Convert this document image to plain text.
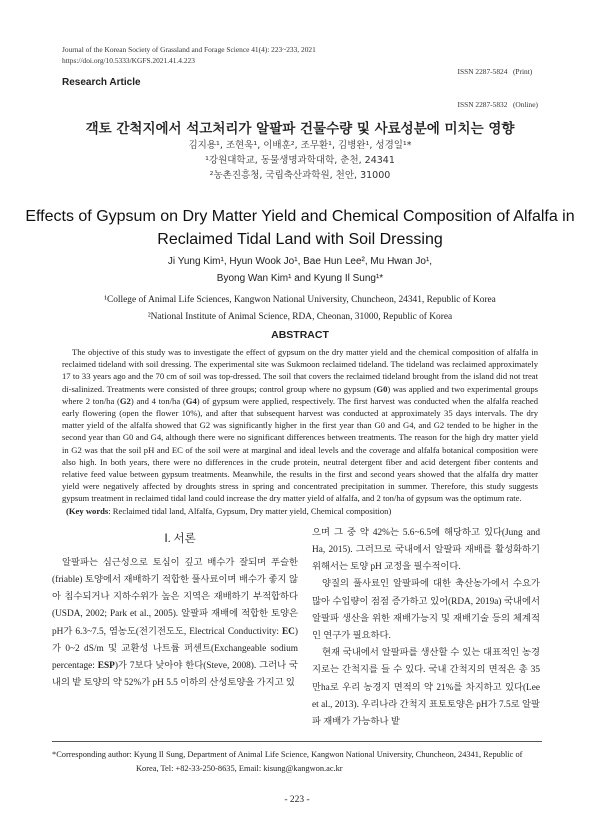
Journal of the Korean Society of Grassland and Forage Science 41(4): 223~233, 2021
https://doi.org/10.5333/KGFS.2021.41.4.223

ISSN 2287-5824   (Print)

ISSN 2287-5832   (Online)

Research Article
객토 간척지에서 석고처리가 알팔파 건물수량 및 사료성분에 미치는 영향
김지용¹, 조현욱¹, 이배훈², 조무환¹, 김병완¹, 성경일¹*
¹강원대학교, 동물생명과학대학, 춘천, 24341
²농촌진흥청, 국립축산과학원, 천안, 31000
Effects of Gypsum on Dry Matter Yield and Chemical Composition of Alfalfa in
Reclaimed Tidal Land with Soil Dressing
Ji Yung Kim¹, Hyun Wook Jo¹, Bae Hun Lee², Mu Hwan Jo¹,
Byong Wan Kim¹ and Kyung Il Sung¹*
¹College of Animal Life Sciences, Kangwon National University, Chuncheon, 24341, Republic of Korea
²National Institute of Animal Science, RDA, Cheonan, 31000, Republic of Korea
ABSTRACT
The objective of this study was to investigate the effect of gypsum on the dry matter yield and the chemical composition of alfalfa in reclaimed tideland with soil dressing. The experimental site was Sukmoon reclaimed tideland. The tideland was reclaimed approximately 17 to 33 years ago and the 70 cm of soil was top-dressed. The soil that covers the reclaimed tideland brought from the island did not treat di-salinized. Treatments were consisted of three groups; control group where no gypsum (G0) was applied and two experimental groups where 2 ton/ha (G2) and 4 ton/ha (G4) of gypsum were applied, respectively. The first harvest was conducted when the alfalfa reached early flowering (open the flower 10%), and after that subsequent harvest was conducted at approximately 35 days intervals. The dry matter yield of the alfalfa showed that G2 was significantly higher in the first year than G0 and G4, and G2 tended to be higher in the second year than G0 and G4, although there were no significant differences between treatments. The reason for the high dry matter yield in G2 was that the soil pH and EC of the soil were at marginal and ideal levels and the coverage and alfalfa botanical composition were also high. In both years, there were no differences in the crude protein, neutral detergent fiber and acid detergent fiber contents and relative feed value between gypsum treatments. Meanwhile, the results in the first and second years showed that the alfalfa dry matter yield were negatively affected by droughts stress in spring and concentrated precipitation in summer. Therefore, this study suggests gypsum treatment in reclaimed tidal land could increase the dry matter yield of alfalfa, and 2 ton/ha of gypsum was the optimum rate.
(Key words: Reclaimed tidal land, Alfalfa, Gypsum, Dry matter yield, Chemical composition)
Ⅰ. 서론
알팔파는 심근성으로 토심이 깊고 배수가 잘되며 푸슬한 (friable) 토양에서 재배하기 적합한 풀사료이며 배수가 좋지 않아 침수되거나 지하수위가 높은 지역은 재배하기 부적합하다 (USDA, 2002; Park et al., 2005). 알팔파 재배에 적합한 토양은 pH가 6.3~7.5, 염농도(전기전도도, Electrical Conductivity: EC) 가 0~2 dS/m 및 교환성 나트륨 퍼센트(Exchangeable sodium percentage: ESP)가 7보다 낮아야 한다(Steve, 2008). 그러나 국내의 밭 토양의 약 52%가 pH 5.5 이하의 산성토양을 가지고 있

으며 그 중 약 42%는 5.6~6.5에 해당하고 있다(Jung and Ha, 2015). 그러므로 국내에서 알팔파 재배를 활성화하기 위해서는 토양 pH 교정을 필수적이다.

양질의 풀사료인 알팔파에 대한 축산농가에서 수요가 많아 수입량이 점점 증가하고 있어(RDA, 2019a) 국내에서 알팔파 생산을 위한 재배가능지 및 재배기술 등의 체계적인 연구가 필요하다.

현재 국내에서 알팔파를 생산할 수 있는 대표적인 농경지로는 간척지를 들 수 있다. 국내 간척지의 면적은 총 35 만ha로 우리 농경지 면적의 약 21%를 차지하고 있다(Lee et al., 2013). 우리나라 간척지 표토토양은 pH가 7.5로 알팔파 재배가 가능하나 밭

*Corresponding author: Kyung Il Sung, Department of Animal Life Science, Kangwon National University, Chuncheon, 24341, Republic of
Korea, Tel: +82-33-250-8635, Email: kisung@kangwon.ac.kr
- 223 -
